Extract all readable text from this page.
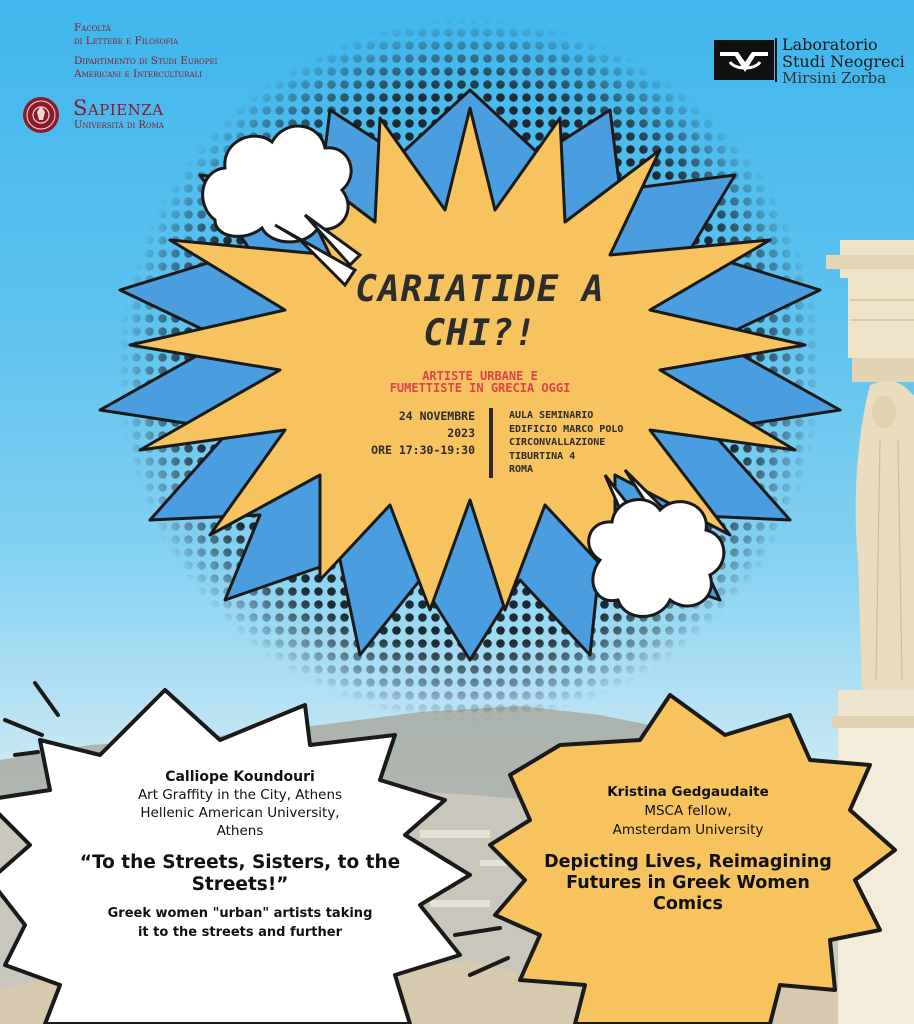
Facoltà
di Lettere e Filosofia
Dipartimento di Studi Europei
Americani e Interculturali
Sapienza
Università di Roma
Laboratorio
Studi Neogreci
Mirsini Zorba
CARIATIDE A
CHI?!
ARTISTE URBANE E
FUMETTISTE IN GRECIA OGGI
24 NOVEMBRE
2023
ORE 17:30-19:30
AULA SEMINARIO
EDIFICIO MARCO POLO
CIRCONVALLAZIONE
TIBURTINA 4
ROMA
Calliope Koundouri
Art Graffity in the City, Athens
Hellenic American University,
Athens
“To the Streets, Sisters, to the
Streets!”
Greek women "urban" artists taking
it to the streets and further
Kristina Gedgaudaite
MSCA fellow,
Amsterdam University
Depicting Lives, Reimagining
Futures in Greek Women Comics
